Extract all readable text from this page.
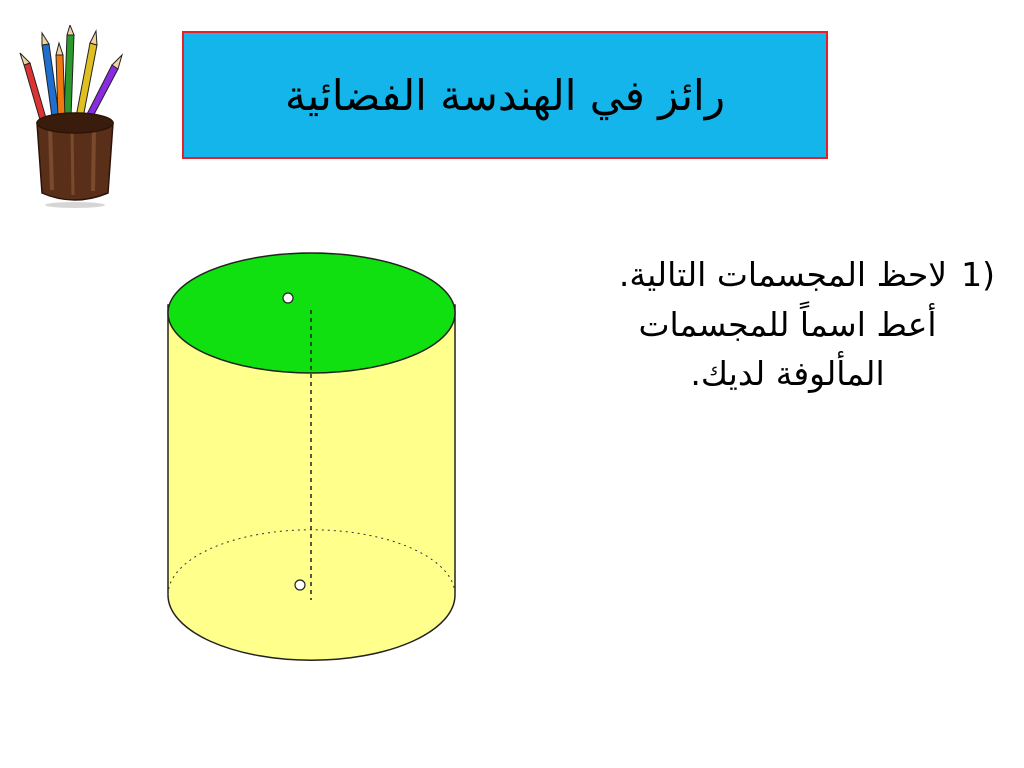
رائز في الهندسة الفضائية
1)
لاحظ المجسمات التالية.
أعط اسماً للمجسمات
المألوفة لديك.
